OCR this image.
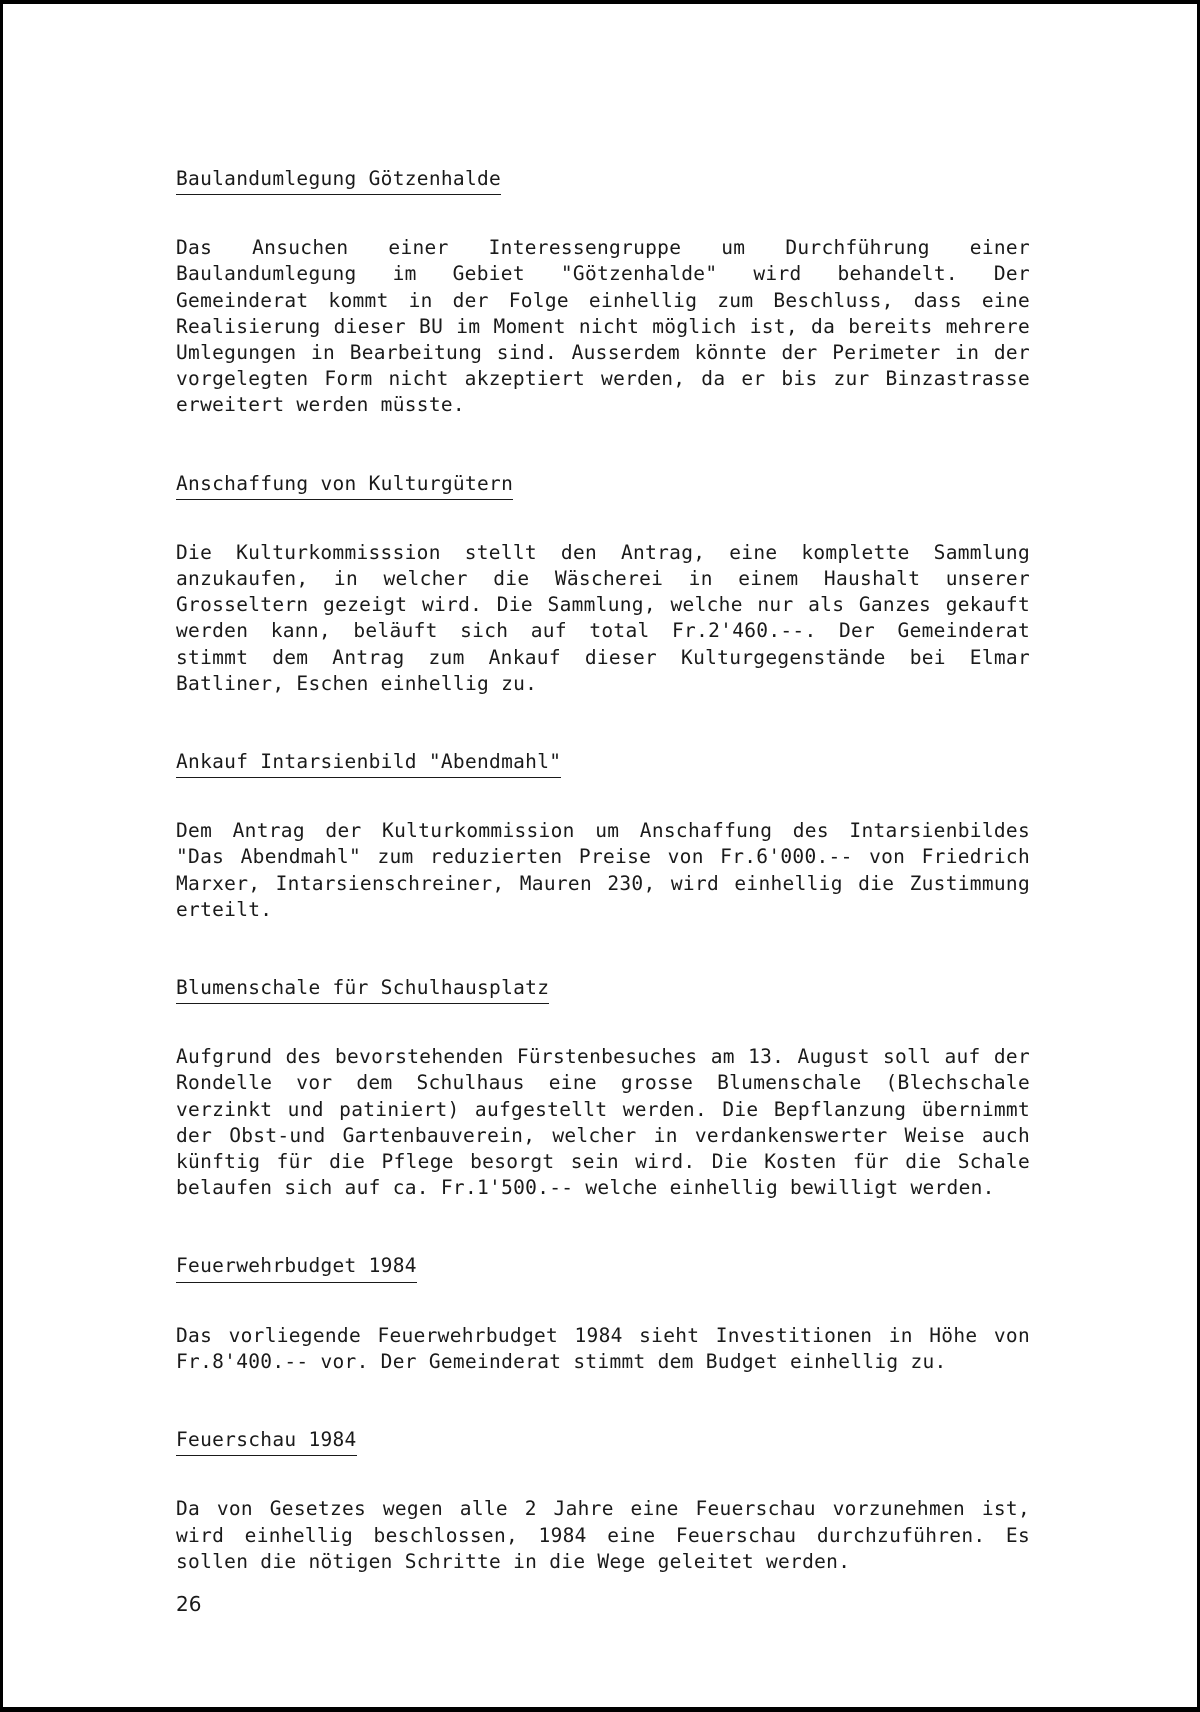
Baulandumlegung Götzenhalde

Das Ansuchen einer Interessengruppe um Durchführung einer Baulandumlegung im Gebiet "Götzenhalde" wird behandelt. Der Gemeinderat kommt in der Folge einhellig zum Beschluss, dass eine Realisierung dieser BU im Moment nicht möglich ist, da bereits mehrere Umlegungen in Bearbeitung sind. Ausserdem könnte der Perimeter in der vorgelegten Form nicht akzeptiert werden, da er bis zur Binzastrasse erweitert werden müsste.

Anschaffung von Kulturgütern

Die Kulturkommisssion stellt den Antrag, eine komplette Sammlung anzukaufen, in welcher die Wäscherei in einem Haushalt unserer Grosseltern gezeigt wird. Die Sammlung, welche nur als Ganzes gekauft werden kann, beläuft sich auf total Fr.2'460.--. Der Gemeinderat stimmt dem Antrag zum Ankauf dieser Kulturgegenstände bei Elmar Batliner, Eschen einhellig zu.

Ankauf Intarsienbild "Abendmahl"

Dem Antrag der Kulturkommission um Anschaffung des Intarsienbildes "Das Abendmahl" zum reduzierten Preise von Fr.6'000.-- von Friedrich Marxer, Intarsienschreiner, Mauren 230, wird einhellig die Zustimmung erteilt.

Blumenschale für Schulhausplatz

Aufgrund des bevorstehenden Fürstenbesuches am 13. August soll auf der Rondelle vor dem Schulhaus eine grosse Blumenschale (Blechschale verzinkt und patiniert) aufgestellt werden. Die Bepflanzung übernimmt der Obst-und Gartenbauverein, welcher in verdankenswerter Weise auch künftig für die Pflege besorgt sein wird. Die Kosten für die Schale belaufen sich auf ca. Fr.1'500.-- welche einhellig bewilligt werden.

Feuerwehrbudget 1984

Das vorliegende Feuerwehrbudget 1984 sieht Investitionen in Höhe von Fr.8'400.-- vor. Der Gemeinderat stimmt dem Budget einhellig zu.

Feuerschau 1984

Da von Gesetzes wegen alle 2 Jahre eine Feuerschau vorzunehmen ist, wird einhellig beschlossen, 1984 eine Feuerschau durchzuführen. Es sollen die nötigen Schritte in die Wege geleitet werden.

26
